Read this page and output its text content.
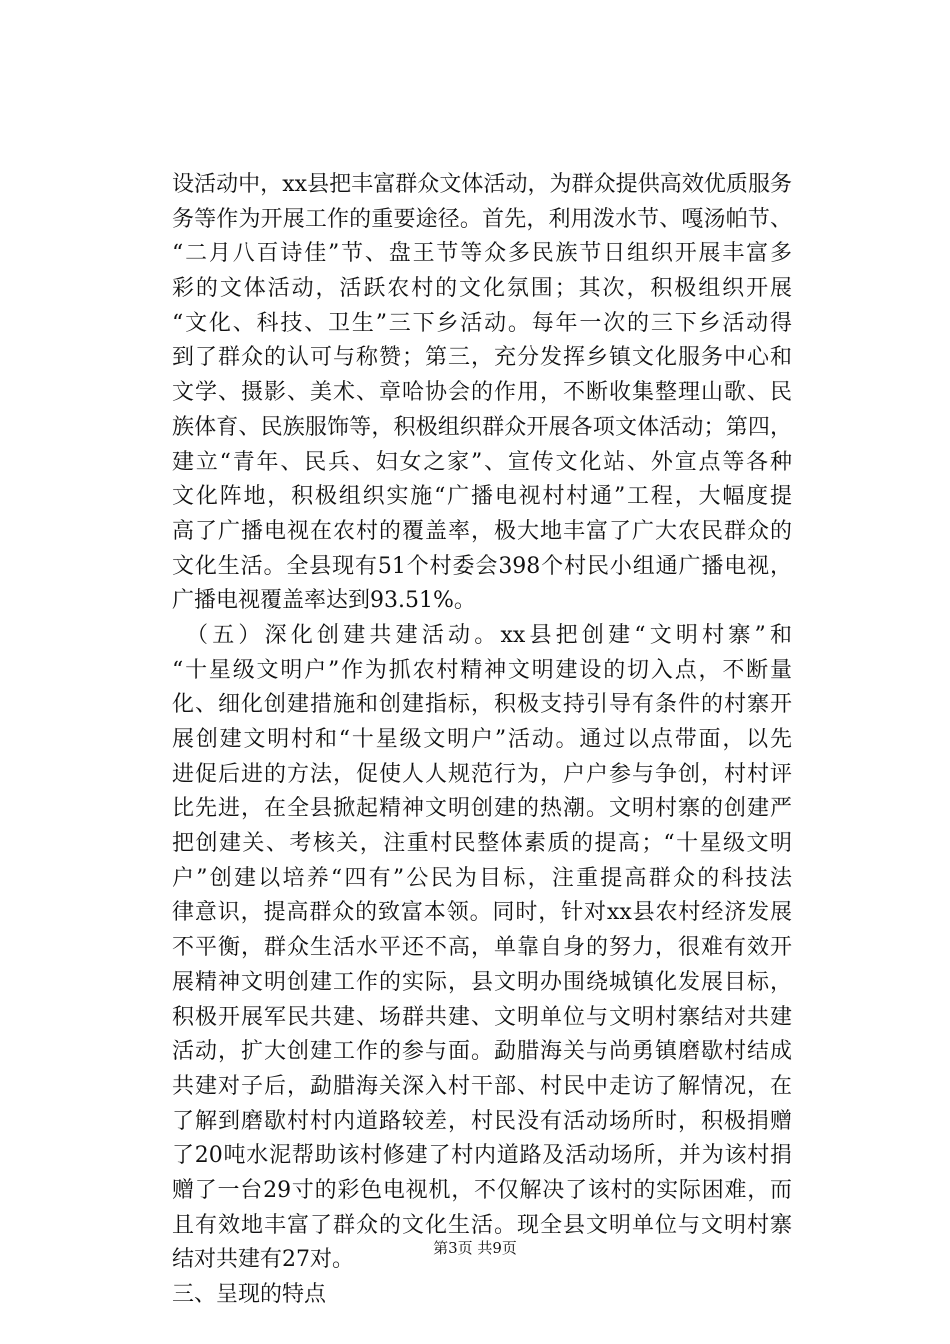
设活动中，xx县把丰富群众文体活动，为群众提供高效优质服务
务等作为开展工作的重要途径。首先，利用泼水节、嘎汤帕节、
“二月八百诗佳”节、盘王节等众多民族节日组织开展丰富多
彩的文体活动，活跃农村的文化氛围；其次，积极组织开展
“文化、科技、卫生”三下乡活动。每年一次的三下乡活动得
到了群众的认可与称赞；第三，充分发挥乡镇文化服务中心和
文学、摄影、美术、章哈协会的作用，不断收集整理山歌、民
族体育、民族服饰等，积极组织群众开展各项文体活动；第四，
建立“青年、民兵、妇女之家”、宣传文化站、外宣点等各种
文化阵地，积极组织实施“广播电视村村通”工程，大幅度提
高了广播电视在农村的覆盖率，极大地丰富了广大农民群众的
文化生活。全县现有51个村委会398个村民小组通广播电视，
广播电视覆盖率达到93.51%。
（五）深化创建共建活动。xx县把创建“文明村寨”和
“十星级文明户”作为抓农村精神文明建设的切入点，不断量
化、细化创建措施和创建指标，积极支持引导有条件的村寨开
展创建文明村和“十星级文明户”活动。通过以点带面，以先
进促后进的方法，促使人人规范行为，户户参与争创，村村评
比先进，在全县掀起精神文明创建的热潮。文明村寨的创建严
把创建关、考核关，注重村民整体素质的提高；“十星级文明
户”创建以培养“四有”公民为目标，注重提高群众的科技法
律意识，提高群众的致富本领。同时，针对xx县农村经济发展
不平衡，群众生活水平还不高，单靠自身的努力，很难有效开
展精神文明创建工作的实际，县文明办围绕城镇化发展目标，
积极开展军民共建、场群共建、文明单位与文明村寨结对共建
活动，扩大创建工作的参与面。勐腊海关与尚勇镇磨歇村结成
共建对子后，勐腊海关深入村干部、村民中走访了解情况，在
了解到磨歇村村内道路较差，村民没有活动场所时，积极捐赠
了20吨水泥帮助该村修建了村内道路及活动场所，并为该村捐
赠了一台29寸的彩色电视机，不仅解决了该村的实际困难，而
且有效地丰富了群众的文化生活。现全县文明单位与文明村寨
结对共建有27对。
三、呈现的特点
第3页 共9页
